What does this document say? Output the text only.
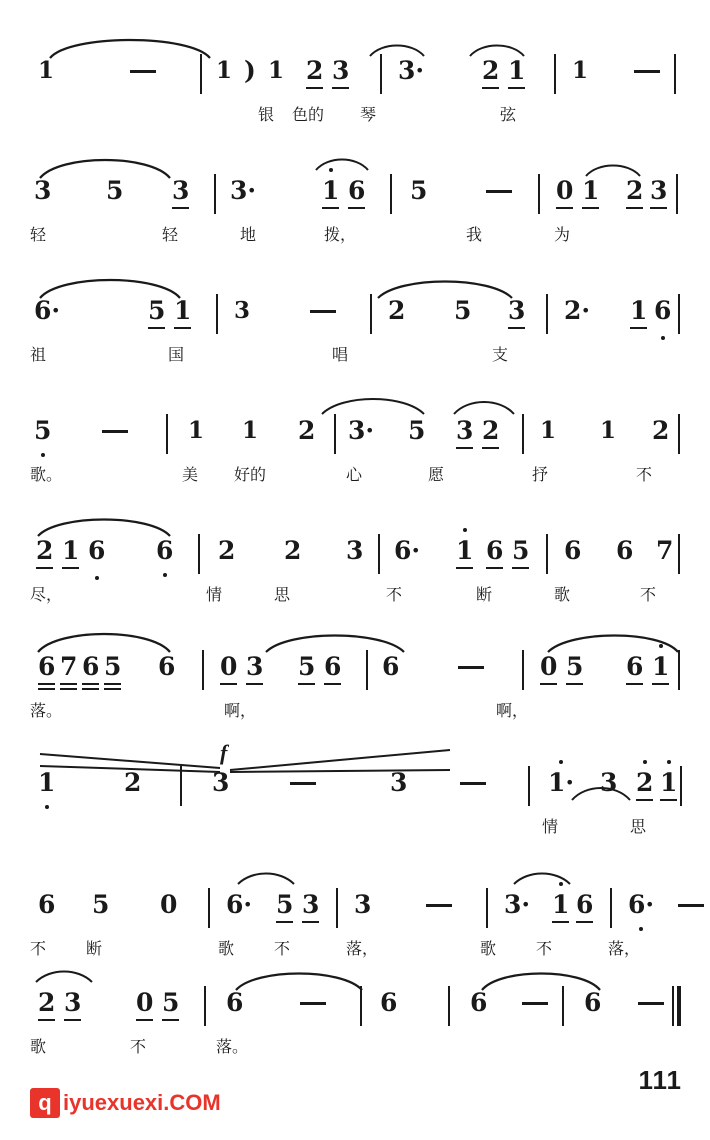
1	1 ) 1 2 3 3· 2 1 1
银 色的 琴	弦
3 5 3 3·	1 6 5	0 1 2 3
轻	轻	地	拨，	我	为
6·	5 1 3	2 5 3 2· 1 6
祖	国	唱	支
5	1 1 2 3· 5 3 2 1 1 2
歌。	美 好的	心	愿	抒	不
2 1 6 6 2 2 3 6· 1 6 5 6 6 7
尽，	情	思	不	断	歌	不
6 7 6 5 6 0 3 5 6 6	0 5 6 1
落。	啊，	啊，
f
1	2	3	3	1· 3 2 1
情	思
6 5 0 6· 5 3 3	3· 1 6 6·
不 断	歌 不	落，	歌 不	落，
2 3 0 5 6	6	6	6
歌	不	落。
111
q iyuexuexi.COM
